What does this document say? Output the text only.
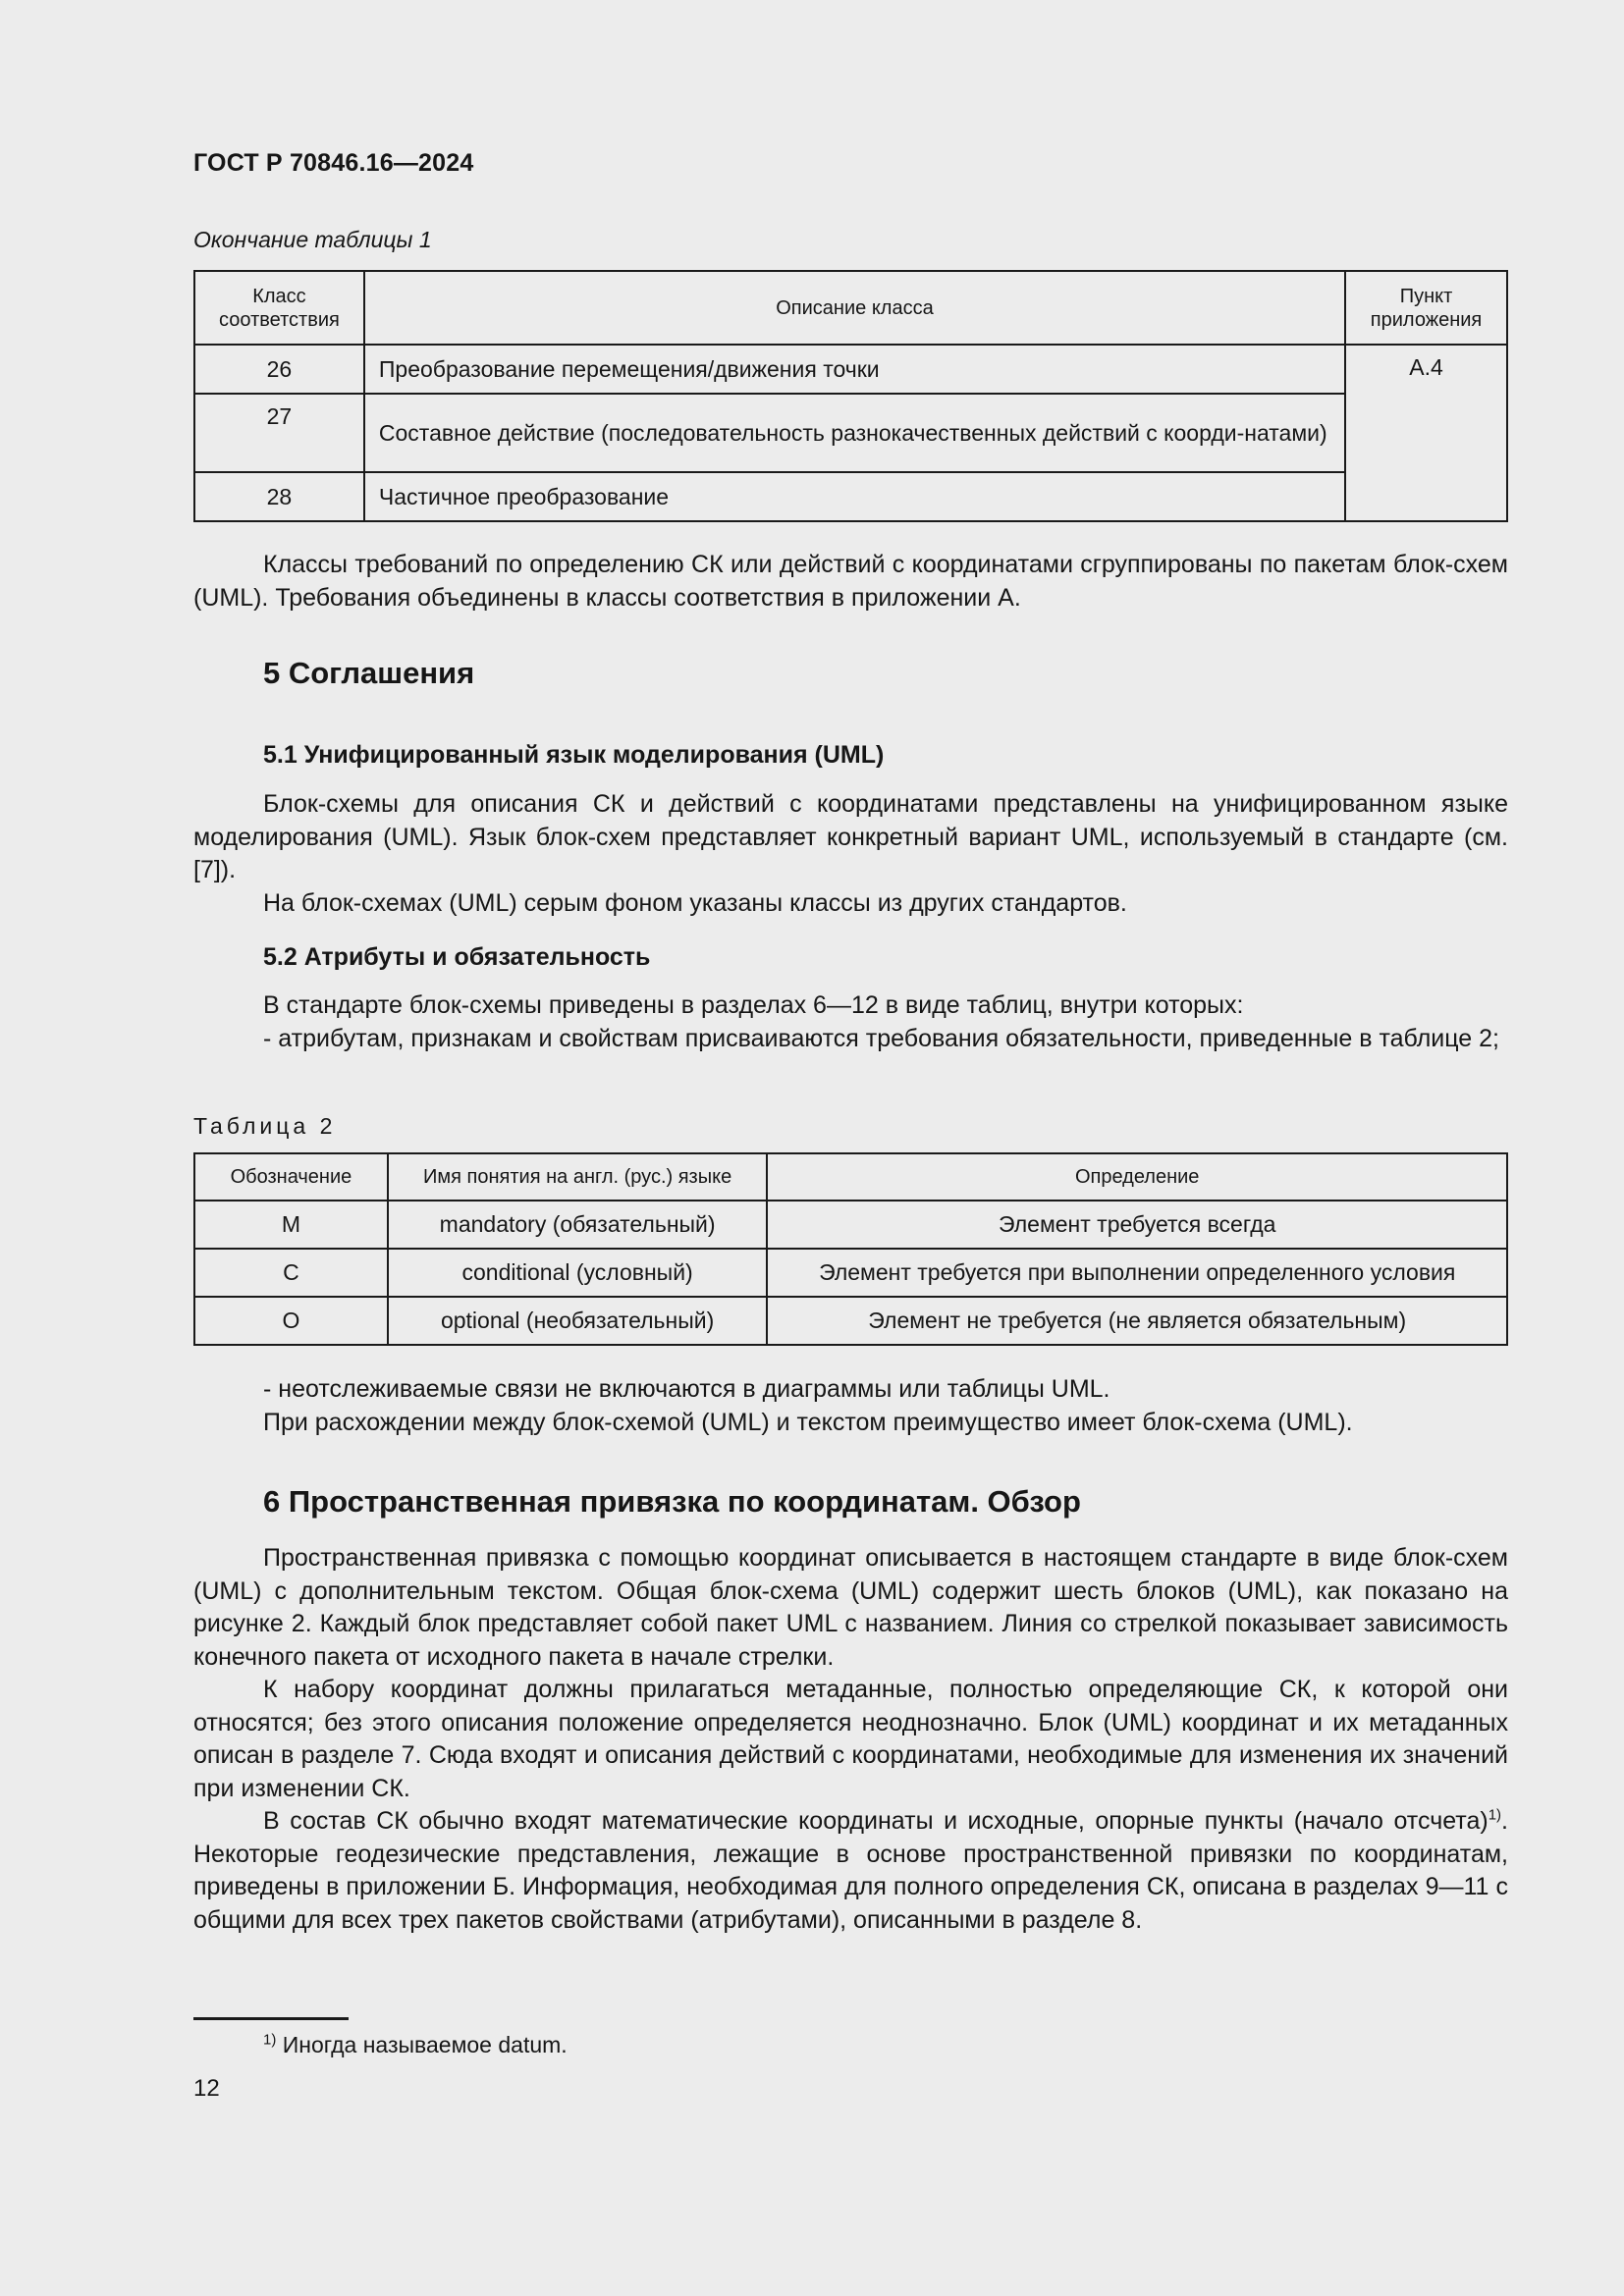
ГОСТ Р 70846.16—2024
Окончание таблицы 1
Класс соответствия	Описание класса	Пункт приложения
26	Преобразование перемещения/движения точки	А.4
27	Составное действие (последовательность разнокачественных действий с коорди-натами)	
28	Частичное преобразование	

Классы требований по определению СК или действий с координатами сгруппированы по пакетам блок-схем (UML). Требования объединены в классы соответствия в приложении А.

5 Соглашения
5.1 Унифицированный язык моделирования (UML)

Блок-схемы для описания СК и действий с координатами представлены на унифицированном языке моделирования (UML). Язык блок-схем представляет конкретный вариант UML, используемый в стандарте (см. [7]).

На блок-схемах (UML) серым фоном указаны классы из других стандартов.

5.2 Атрибуты и обязательность

В стандарте блок-схемы приведены в разделах 6—12 в виде таблиц, внутри которых:

- атрибутам, признакам и свойствам присваиваются требования обязательности, приведенные в таблице 2;

Таблица 2
Обозначение	Имя понятия на англ. (рус.) языке	Определение
M	mandatory (обязательный)	Элемент требуется всегда
C	conditional (условный)	Элемент требуется при выполнении определенного условия
O	optional (необязательный)	Элемент не требуется (не является обязательным)

- неотслеживаемые связи не включаются в диаграммы или таблицы UML.

При расхождении между блок-схемой (UML) и текстом преимущество имеет блок-схема (UML).

6 Пространственная привязка по координатам. Обзор

Пространственная привязка с помощью координат описывается в настоящем стандарте в виде блок-схем (UML) с дополнительным текстом. Общая блок-схема (UML) содержит шесть блоков (UML), как показано на рисунке 2. Каждый блок представляет собой пакет UML с названием. Линия со стрелкой показывает зависимость конечного пакета от исходного пакета в начале стрелки.

К набору координат должны прилагаться метаданные, полностью определяющие СК, к которой они относятся; без этого описания положение определяется неоднозначно. Блок (UML) координат и их метаданных описан в разделе 7. Сюда входят и описания действий с координатами, необходимые для изменения их значений при изменении СК.

В состав СК обычно входят математические координаты и исходные, опорные пункты (начало отсчета)$^{1)}$. Некоторые геодезические представления, лежащие в основе пространственной привязки по координатам, приведены в приложении Б. Информация, необходимая для полного определения СК, описана в разделах 9—11 с общими для всех трех пакетов свойствами (атрибутами), описанными в разделе 8.

$^{1)}$ Иногда называемое datum.
12
